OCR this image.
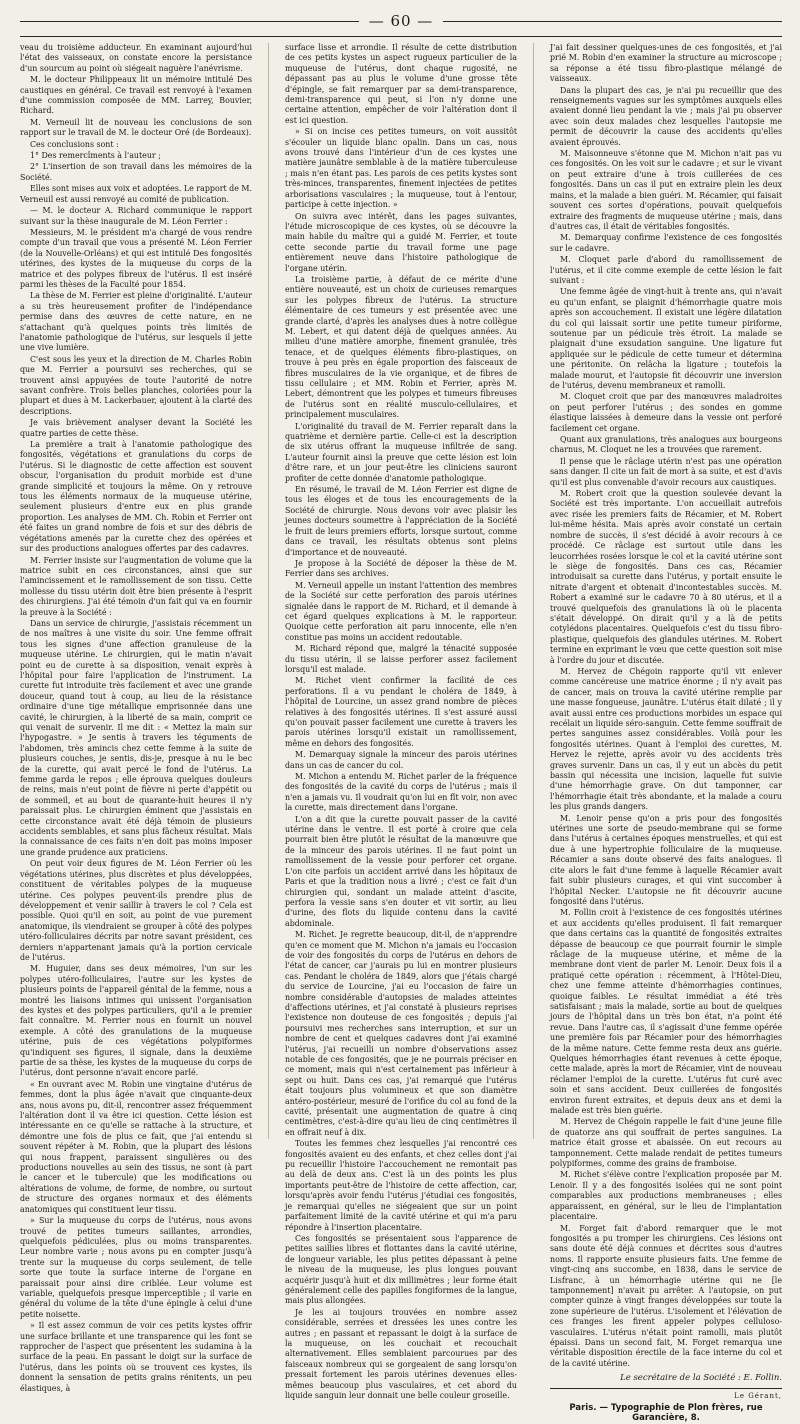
— 60 —

veau du troisième adducteur. En examinant aujourd'hui l'état des vaisseaux, on constate encore la persistance d'un sourcum au point où siégeait naguère l'anévrisme.

M. le docteur Philippeaux lit un mémoire intitulé Des caustiques en général. Ce travail est renvoyé à l'examen d'une commission composée de MM. Larrey, Bouvier, Richard.

M. Verneuil lit de nouveau les conclusions de son rapport sur le travail de M. le docteur Oré (de Bordeaux).

Ces conclusions sont :

1° Des remercîments à l'auteur ;

2° L'insertion de son travail dans les mémoires de la Société.

Elles sont mises aux voix et adoptées. Le rapport de M. Verneuil est aussi renvoyé au comité de publication.

— M. le docteur A. Richard communique le rapport suivant sur la thèse inaugurale de M. Léon Ferrier :

Messieurs, M. le président m'a chargé de vous rendre compte d'un travail que vous a présenté M. Léon Ferrier (de la Nouvelle-Orléans) et qui est intitulé Des fongosités utérines, des kystes de la muqueuse du corps de la matrice et des polypes fibreux de l'utérus. Il est inséré parmi les thèses de la Faculté pour 1854.

La thèse de M. Ferrier est pleine d'originalité. L'auteur a su très heureusement profiter de l'indépendance permise dans des œuvres de cette nature, en ne s'attachant qu'à quelques points très limités de l'anatomie pathologique de l'utérus, sur lesquels il jette une vive lumière.

C'est sous les yeux et la direction de M. Charles Robin que M. Ferrier a poursuivi ses recherches, qui se trouvent ainsi appuyées de toute l'autorité de notre savant confrère. Trois belles planches, coloriées pour la plupart et dues à M. Lackerbauer, ajoutent à la clarté des descriptions.

Je vais brièvement analyser devant la Société les quatre parties de cette thèse.

La première a trait à l'anatomie pathologique des fongosités, végétations et granulations du corps de l'utérus. Si le diagnostic de cette affection est souvent obscur, l'organisation du produit morbide est d'une grande simplicité et toujours la même. On y retrouve tous les éléments normaux de la muqueuse utérine, seulement plusieurs d'entre eux en plus grande proportion. Les analyses de MM. Ch. Robin et Ferrier ont été faites un grand nombre de fois et sur des débris de végétations amenés par la curette chez des opérées et sur des productions analogues offertes par des cadavres.

M. Ferrier insiste sur l'augmentation de volume que la matrice subit en ces circonstances, ainsi que sur l'amincissement et le ramollissement de son tissu. Cette mollesse du tissu utérin doit être bien présente à l'esprit des chirurgiens. J'ai été témoin d'un fait qui va en fournir la preuve à la Société :

Dans un service de chirurgie, j'assistais récemment un de nos maîtres à une visite du soir. Une femme offrait tous les signes d'une affection granuleuse de la muqueuse utérine. Le chirurgien, qui le matin n'avait point eu de curette à sa disposition, venait exprès à l'hôpital pour faire l'application de l'instrument. La curette fut introduite très facilement et avec une grande douceur, quand tout à coup, au lieu de la résistance ordinaire d'une tige métallique emprisonnée dans une cavité, le chirurgien, à la liberté de sa main, comprit ce qui venait de survenir. Il me dit : « Mettez la main sur l'hypogastre. » Je sentis à travers les téguments de l'abdomen, très amincis chez cette femme à la suite de plusieurs couches, je sentis, dis-je, presque à nu le bec de la curette, qui avait percé le fond de l'utérus. La femme garda le repos ; elle éprouva quelques douleurs de reins, mais n'eut point de fièvre ni perte d'appétit ou de sommeil, et au bout de quarante-huit heures il n'y paraissait plus. Le chirurgien éminent que j'assistais en cette circonstance avait été déjà témoin de plusieurs accidents semblables, et sans plus fâcheux résultat. Mais la connaissance de ces faits n'en doit pas moins imposer une grande prudence aux praticiens.

On peut voir deux figures de M. Léon Ferrier où les végétations utérines, plus discrètes et plus développées, constituent de véritables polypes de la muqueuse utérine. Ces polypes peuvent-ils prendre plus de développement et venir saillir à travers le col ? Cela est possible. Quoi qu'il en soit, au point de vue purement anatomique, ils viendraient se grouper à côté des polypes utéro-folliculaires décrits par notre savant président, ces derniers n'appartenant jamais qu'à la portion cervicale de l'utérus.

M. Huguier, dans ses deux mémoires, l'un sur les polypes utéro-folliculaires, l'autre sur les kystes de plusieurs points de l'appareil génital de la femme, nous a montré les liaisons intimes qui unissent l'organisation des kystes et des polypes particuliers, qu'il a le premier fait connaître. M. Ferrier nous en fournit un nouvel exemple. A côté des granulations de la muqueuse utérine, puis de ces végétations polypiformes qu'indiquent ses figures, il signale, dans la deuxième partie de sa thèse, les kystes de la muqueuse du corps de l'utérus, dont personne n'avait encore parlé.

« En ouvrant avec M. Robin une vingtaine d'utérus de femmes, dont la plus âgée n'avait que cinquante-deux ans, nous avons pu, dit-il, rencontrer assez fréquemment l'altération dont il va être ici question. Cette lésion est intéressante en ce qu'elle se rattache à la structure, et démontre une fois de plus ce fait, que j'ai entendu si souvent répéter à M. Robin, que la plupart des lésions qui nous frappent, paraissent singulières ou des productions nouvelles au sein des tissus, ne sont (à part le cancer et le tubercule) que les modifications ou altérations de volume, de forme, de nombre, ou surtout de structure des organes normaux et des éléments anatomiques qui constituent leur tissu.

» Sur la muqueuse du corps de l'utérus, nous avons trouvé de petites tumeurs saillantes, arrondies, quelquefois pédiculées, plus ou moins transparentes. Leur nombre varie ; nous avons pu en compter jusqu'à trente sur la muqueuse du corps seulement, de telle sorte que toute la surface interne de l'organe en paraissait pour ainsi dire criblée. Leur volume est variable, quelquefois presque imperceptible ; il varie en général du volume de la tête d'une épingle à celui d'une petite noisette.

» Il est assez commun de voir ces petits kystes offrir une surface brillante et une transparence qui les font se rapprocher de l'aspect que présentent les sudamina à la surface de la peau. En passant le doigt sur la surface de l'utérus, dans les points où se trouvent ces kystes, ils donnent la sensation de petits grains rénitents, un peu élastiques, à

surface lisse et arrondie. Il résulte de cette distribution de ces petits kystes un aspect rugueux particulier de la muqueuse de l'utérus, dont chaque rugosité, ne dépassant pas au plus le volume d'une grosse tête d'épingle, se fait remarquer par sa demi-transparence, demi-transparence qui peut, si l'on n'y donne une certaine attention, empêcher de voir l'altération dont il est ici question.

» Si on incise ces petites tumeurs, on voit aussitôt s'écouler un liquide blanc opalin. Dans un cas, nous avons trouvé dans l'intérieur d'un de ces kystes une matière jaunâtre semblable à de la matière tuberculeuse ; mais n'en étant pas. Les parois de ces petits kystes sont très-minces, transparentes, finement injectées de petites arborisations vasculaires ; la muqueuse, tout à l'entour, participe à cette injection. »

On suivra avec intérêt, dans les pages suivantes, l'étude microscopique de ces kystes, où se découvre la main habile du maître qui a guidé M. Ferrier, et toute cette seconde partie du travail forme une page entièrement neuve dans l'histoire pathologique de l'organe utérin.

La troisième partie, à défaut de ce mérite d'une entière nouveauté, est un choix de curieuses remarques sur les polypes fibreux de l'utérus. La structure élémentaire de ces tumeurs y est présentée avec une grande clarté, d'après les analyses dues à notre collègue M. Lebert, et qui datent déjà de quelques années. Au milieu d'une matière amorphe, finement granulée, très tenace, et de quelques éléments fibro-plastiques, on trouve à peu près en égale proportion des faisceaux de fibres musculaires de la vie organique, et de fibres de tissu cellulaire ; et MM. Robin et Ferrier, après M. Lebert, démontrent que les polypes et tumeurs fibreuses de l'utérus sont en réalité musculo-cellulaires, et principalement musculaires.

L'originalité du travail de M. Ferrier reparaît dans la quatrième et dernière partie. Celle-ci est la description de six utérus offrant la muqueuse infiltrée de sang. L'auteur fournit ainsi la preuve que cette lésion est loin d'être rare, et un jour peut-être les cliniciens sauront profiter de cette donnée d'anatomie pathologique.

En résumé, le travail de M. Léon Ferrier est digne de tous les éloges et de tous les encouragements de la Société de chirurgie. Nous devons voir avec plaisir les jeunes docteurs soumettre à l'appréciation de la Société le fruit de leurs premiers efforts, lorsque surtout, comme dans ce travail, les résultats obtenus sont pleins d'importance et de nouveauté.

Je propose à la Société de déposer la thèse de M. Ferrier dans ses archives.

M. Verneuil appelle un instant l'attention des membres de la Société sur cette perforation des parois utérines signalée dans le rapport de M. Richard, et il demande à cet égard quelques explications à M. le rapporteur. Quoique cette perforation ait paru innocente, elle n'en constitue pas moins un accident redoutable.

M. Richard répond que, malgré la ténacité supposée du tissu utérin, il se laisse perforer assez facilement lorsqu'il est malade.

M. Richet vient confirmer la facilité de ces perforations. Il a vu pendant le choléra de 1849, à l'hôpital de Lourcine, un assez grand nombre de pièces relatives à des fongosités utérines. Il s'est assuré aussi qu'on pouvait passer facilement une curette à travers les parois utérines lorsqu'il existait un ramollissement, même en dehors des fongosités.

M. Demarquay signale la minceur des parois utérines dans un cas de cancer du col.

M. Michon a entendu M. Richet parler de la fréquence des fongosités de la cavité du corps de l'utérus ; mais il n'en a jamais vu. Il voudrait qu'on lui en fît voir, non avec la curette, mais directement dans l'organe.

L'on a dit que la curette pouvait passer de la cavité utérine dans le ventre. Il est porté à croire que cela pourrait bien être plutôt le résultat de la manœuvre que de la minceur des parois utérines. Il ne faut point un ramollissement de la vessie pour perforer cet organe. L'on cite parfois un accident arrivé dans les hôpitaux de Paris et que la tradition nous a livré ; c'est ce fait d'un chirurgien qui, sondant un malade atteint d'ascite, perfora la vessie sans s'en douter et vit sortir, au lieu d'urine, des flots du liquide contenu dans la cavité abdominale.

M. Richet. Je regrette beaucoup, dit-il, de n'apprendre qu'en ce moment que M. Michon n'a jamais eu l'occasion de voir des fongosités du corps de l'utérus en dehors de l'état de cancer, car j'aurais pu lui en montrer plusieurs cas. Pendant le choléra de 1849, alors que j'étais chargé du service de Lourcine, j'ai eu l'occasion de faire un nombre considérable d'autopsies de malades atteintes d'affections utérines, et j'ai constaté à plusieurs reprises l'existence non douteuse de ces fongosités ; depuis j'ai poursuivi mes recherches sans interruption, et sur un nombre de cent et quelques cadavres dont j'ai examiné l'utérus, j'ai recueilli un nombre d'observations assez notable de ces fongosités, que je ne pourrais préciser en ce moment, mais qui n'est certainement pas inférieur à sept ou huit. Dans ces cas, j'ai remarqué que l'utérus était toujours plus volumineux et que son diamètre antéro-postérieur, mesuré de l'orifice du col au fond de la cavité, présentait une augmentation de quatre à cinq centimètres, c'est-à-dire qu'au lieu de cinq centimètres il en offrait neuf à dix.

Toutes les femmes chez lesquelles j'ai rencontré ces fongosités avaient eu des enfants, et chez celles dont j'ai pu recueillir l'histoire l'accouchement ne remontait pas au delà de deux ans. C'est là un des points les plus importants peut-être de l'histoire de cette affection, car, lorsqu'après avoir fendu l'utérus j'étudiai ces fongosités, je remarquai qu'elles ne siégeaient que sur un point parfaitement limité de la cavité utérine et qui m'a paru répondre à l'insertion placentaire.

Ces fongosités se présentaient sous l'apparence de petites saillies libres et flottantes dans la cavité utérine, de longueur variable, les plus petites dépassant à peine le niveau de la muqueuse, les plus longues pouvant acquérir jusqu'à huit et dix millimètres ; leur forme était généralement celle des papilles fongiformes de la langue, mais plus allongées.

Je les ai toujours trouvées en nombre assez considérable, serrées et dressées les unes contre les autres ; en passant et repassant le doigt à la surface de la muqueuse, on les couchait et recouchait alternativement. Elles semblaient parcourues par des faisceaux nombreux qui se gorgeaient de sang lorsqu'on pressait fortement les parois utérines devenues elles-mêmes beaucoup plus vasculaires, et cet abord du liquide sanguin leur donnait une belle couleur groseille.

J'ai fait dessiner quelques-unes de ces fongosités, et j'ai prié M. Robin d'en examiner la structure au microscope ; sa réponse a été tissu fibro-plastique mélangé de vaisseaux.

Dans la plupart des cas, je n'ai pu recueillir que des renseignements vagues sur les symptômes auxquels elles avaient donné lieu pendant la vie ; mais j'ai pu observer avec soin deux malades chez lesquelles l'autopsie me permit de découvrir la cause des accidents qu'elles avaient éprouvés.

M. Maisonneuve s'étonne que M. Michon n'ait pas vu ces fongosités. On les voit sur le cadavre ; et sur le vivant on peut extraire d'une à trois cuillerées de ces fongosités. Dans un cas il put en extraire plein les deux mains, et la malade a bien guéri. M. Récamier, qui faisait souvent ces sortes d'opérations, pouvait quelquefois extraire des fragments de muqueuse utérine ; mais, dans d'autres cas, il était de véritables fongosités.

M. Demarquay confirme l'existence de ces fongosités sur le cadavre.

M. Cloquet parle d'abord du ramollissement de l'utérus, et il cite comme exemple de cette lésion le fait suivant :

Une femme âgée de vingt-huit à trente ans, qui n'avait eu qu'un enfant, se plaignit d'hémorrhagie quatre mois après son accouchement. Il existait une légère dilatation du col qui laissait sortir une petite tumeur piriforme, soutenue par un pédicule très étroit. La malade se plaignait d'une exsudation sanguine. Une ligature fut appliquée sur le pédicule de cette tumeur et détermina une péritonite. On relâcha la ligature ; toutefois la malade mourut, et l'autopsie fit découvrir une inversion de l'utérus, devenu membraneux et ramolli.

M. Cloquet croit que par des manœuvres maladroites on peut perforer l'utérus ; des sondes en gomme élastique laissées à demeure dans la vessie ont perforé facilement cet organe.

Quant aux granulations, très analogues aux bourgeons charnus, M. Cloquet ne les a trouvées que rarement.

Il pense que le râclage utérin n'est pas une opération sans danger. Il cite un fait de mort à sa suite, et est d'avis qu'il est plus convenable d'avoir recours aux caustiques.

M. Robert croit que la question soulevée devant la Société est très importante. L'on accueillait autrefois avec risée les premiers faits de Récamier, et M. Robert lui-même hésita. Mais après avoir constaté un certain nombre de succès, il s'est décidé à avoir recours à ce procédé. Ce râclage est surtout utile dans les leucorrhées rosées lorsque le col et la cavité utérine sont le siège de fongosités. Dans ces cas, Récamier introduisait sa curette dans l'utérus, y portait ensuite le nitrate d'argent et obtenait d'incontestables succès. M. Robert a examiné sur le cadavre 70 à 80 utérus, et il a trouvé quelquefois des granulations là où le placenta s'était développé. On dirait qu'il y a là de petits cotylédons placentaires. Quelquefois c'est du tissu fibro-plastique, quelquefois des glandules utérines. M. Robert termine en exprimant le vœu que cette question soit mise à l'ordre du jour et discutée.

M. Hervez de Chégoin rapporte qu'il vit enlever comme cancéreuse une matrice énorme ; il n'y avait pas de cancer, mais on trouva la cavité utérine remplie par une masse fongueuse, jaunâtre. L'utérus était dilaté ; il y avait aussi entre ces productions morbides un espace qui recélait un liquide séro-sanguin. Cette femme souffrait de pertes sanguines assez considérables. Voilà pour les fongosités utérines. Quant à l'emploi des curettes, M. Hervez le rejette, après avoir vu des accidents très graves survenir. Dans un cas, il y eut un abcès du petit bassin qui nécessita une incision, laquelle fut suivie d'une hémorrhagie grave. On dut tamponner, car l'hémorrhagie était très abondante, et la malade a couru les plus grands dangers.

M. Lenoir pense qu'on a pris pour des fongosités utérines une sorte de pseudo-membrane qui se forme dans l'utérus à certaines époques menstruelles, et qui est due à une hypertrophie folliculaire de la muqueuse. Récamier a sans doute observé des faits analogues. Il cite alors le fait d'une femme à laquelle Récamier avait fait subir plusieurs curages, et qui vint succomber à l'hôpital Necker. L'autopsie ne fit découvrir aucune fongosité dans l'utérus.

M. Follin croit à l'existence de ces fongosités utérines et aux accidents qu'elles produisent. Il fait remarquer que dans certains cas la quantité de fongosités extraites dépasse de beaucoup ce que pourrait fournir le simple râclage de la muqueuse utérine, et même de la membrane dont vient de parler M. Lenoir. Deux fois il a pratiqué cette opération : récemment, à l'Hôtel-Dieu, chez une femme atteinte d'hémorrhagies continues, quoique faibles. Le résultat immédiat a été très satisfaisant ; mais la malade, sortie au bout de quelques jours de l'hôpital dans un très bon état, n'a point été revue. Dans l'autre cas, il s'agissait d'une femme opérée une première fois par Récamier pour des hémorrhagies de la même nature. Cette femme resta deux ans guérie. Quelques hémorrhagies étant revenues à cette époque, cette malade, après la mort de Récamier, vint de nouveau réclamer l'emploi de la curette. L'utérus fut curé avec soin et sans accident. Deux cuillerées de fongosités environ furent extraites, et depuis deux ans et demi la malade est très bien guérie.

M. Hervez de Chégoin rappelle le fait d'une jeune fille de quatorze ans qui souffrait de pertes sanguines. La matrice était grosse et abaissée. On eut recours au tamponnement. Cette malade rendait de petites tumeurs polypiformes, comme des grains de framboise.

M. Richet s'élève contre l'explication proposée par M. Lenoir. Il y a des fongosités isolées qui ne sont point comparables aux productions membraneuses ; elles apparaissent, en général, sur le lieu de l'implantation placentaire.

M. Forget fait d'abord remarquer que le mot fongosités a pu tromper les chirurgiens. Ces lésions ont sans doute été déjà connues et décrites sous d'autres noms. Il rapporte ensuite plusieurs faits. Une femme de vingt-cinq ans succombe, en 1838, dans le service de Lisfranc, à un hémorrhagie utérine qui ne [le tamponnement] n'avait pu arrêter. A l'autopsie, on put compter quinze à vingt franges développées sur toute la zone supérieure de l'utérus. L'isolement et l'élévation de ces franges les firent appeler polypes celluloso-vasculaires. L'utérus n'était point ramolli, mais plutôt épaissi. Dans un second fait, M. Forget remarqua une véritable disposition érectile de la face interne du col et de la cavité utérine.

Le secrétaire de la Société : E. Follin.
Le Gérant,
Paris. — Typographie de Plon frères, rue Garancière, 8.
